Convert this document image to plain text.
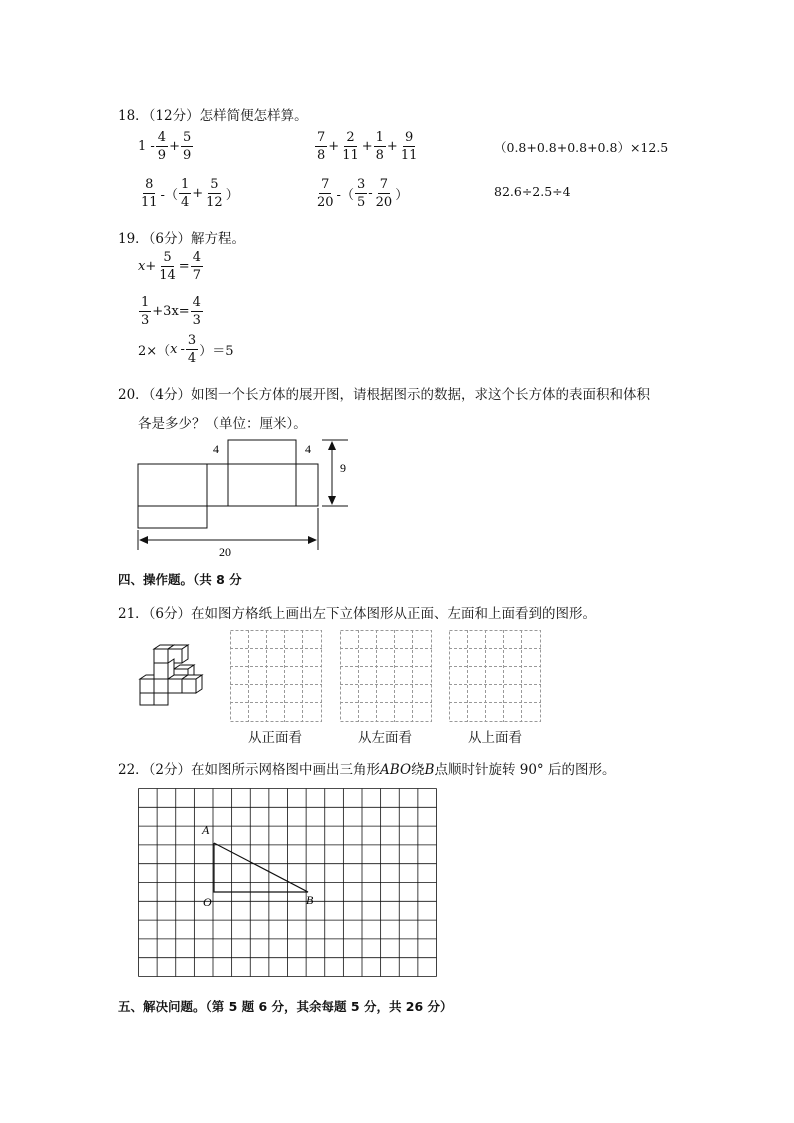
18．（12分）怎样简便怎样算。
$1 - \frac{4}{9} + \frac{5}{9}$	$\frac{7}{8} + \frac{2}{11} + \frac{1}{8} + \frac{9}{11}$	（0.8+0.8+0.8+0.8）×12.5
$\frac{8}{11}$ -（ $\frac{1}{4} + \frac{5}{12}$ ）	$\frac{7}{20}$ -（ $\frac{3}{5} - \frac{7}{20}$ ）	82.6÷2.5÷4
19．（6分）解方程。
$x + \frac{5}{14} = \frac{4}{7}$
$\frac{1}{3} +3x= \frac{4}{3}$
2×（ $x - \frac{3}{4} )=5$
20．（4分）如图一个长方体的展开图，请根据图示的数据，求这个长方体的表面积和体积
各是多少？（单位：厘米）。
4	4
9
20
四、操作题。（共 8 分
21．（6分）在如图方格纸上画出左下立体图形从正面、左面和上面看到的图形。
从正面看	从左面看	从上面看
22．（2分）在如图所示网格图中画出三角形ABO绕B点顺时针旋转 90° 后的图形。
A
O	B
五、解决问题。（第 5 题 6 分，其余每题 5 分，共 26 分）
